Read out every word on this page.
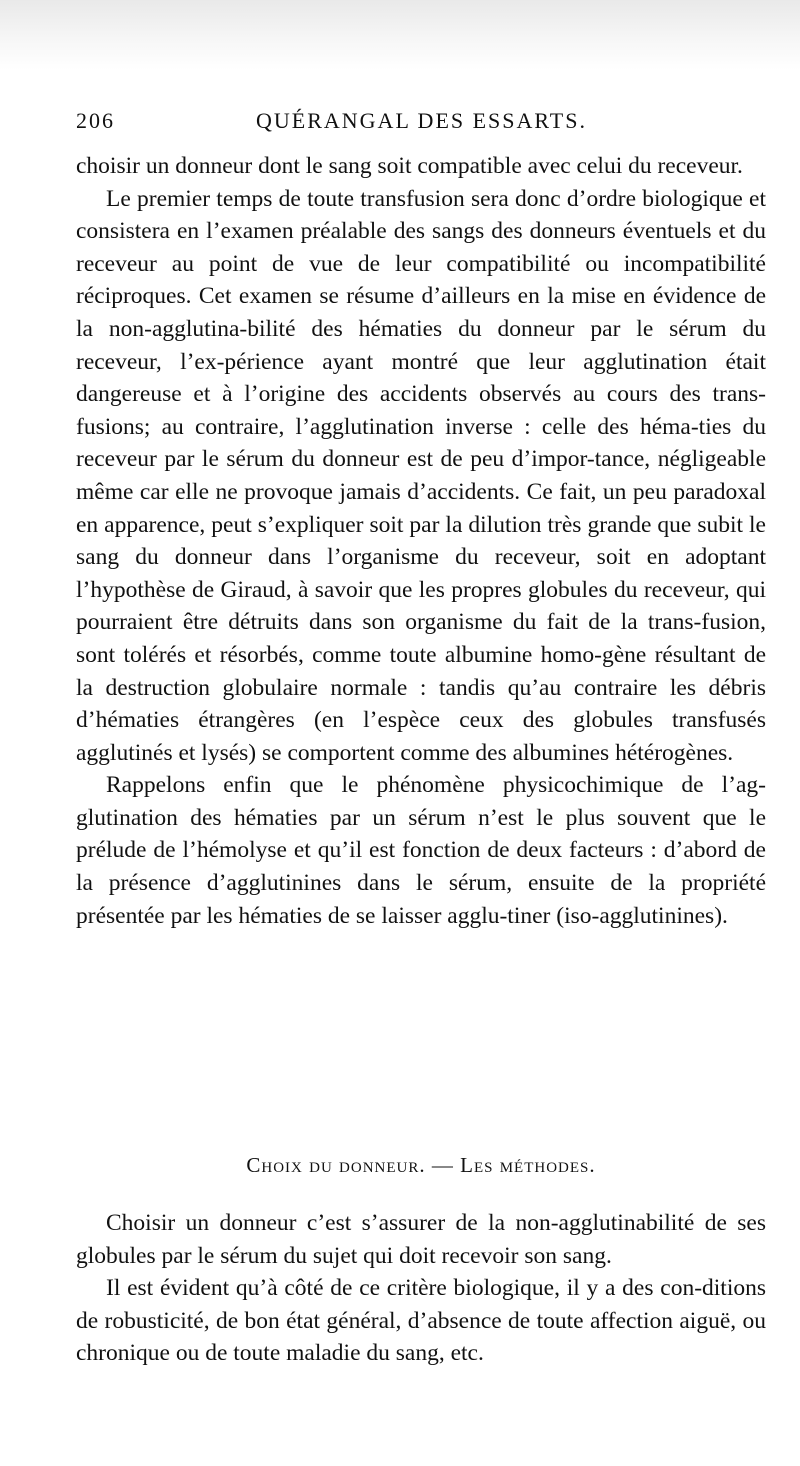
206	QUÉRANGAL DES ESSARTS.

choisir un donneur dont le sang soit compatible avec celui du receveur.

Le premier temps de toute transfusion sera donc d’ordre biologique et consistera en l’examen préalable des sangs des donneurs éventuels et du receveur au point de vue de leur compatibilité ou incompatibilité réciproques. Cet examen se résume d’ailleurs en la mise en évidence de la non-agglutina-bilité des hématies du donneur par le sérum du receveur, l’ex-périence ayant montré que leur agglutination était dangereuse et à l’origine des accidents observés au cours des trans-fusions; au contraire, l’agglutination inverse : celle des héma-ties du receveur par le sérum du donneur est de peu d’impor-tance, négligeable même car elle ne provoque jamais d’accidents. Ce fait, un peu paradoxal en apparence, peut s’expliquer soit par la dilution très grande que subit le sang du donneur dans l’organisme du receveur, soit en adoptant l’hypothèse de Giraud, à savoir que les propres globules du receveur, qui pourraient être détruits dans son organisme du fait de la trans-fusion, sont tolérés et résorbés, comme toute albumine homo-gène résultant de la destruction globulaire normale : tandis qu’au contraire les débris d’hématies étrangères (en l’espèce ceux des globules transfusés agglutinés et lysés) se comportent comme des albumines hétérogènes.

Rappelons enfin que le phénomène physicochimique de l’ag-glutination des hématies par un sérum n’est le plus souvent que le prélude de l’hémolyse et qu’il est fonction de deux facteurs : d’abord de la présence d’agglutinines dans le sérum, ensuite de la propriété présentée par les hématies de se laisser agglu-tiner (iso-agglutinines).

Choix du donneur. — Les méthodes.

Choisir un donneur c’est s’assurer de la non-agglutinabilité de ses globules par le sérum du sujet qui doit recevoir son sang.

Il est évident qu’à côté de ce critère biologique, il y a des con-ditions de robusticité, de bon état général, d’absence de toute affection aiguë, ou chronique ou de toute maladie du sang, etc.
